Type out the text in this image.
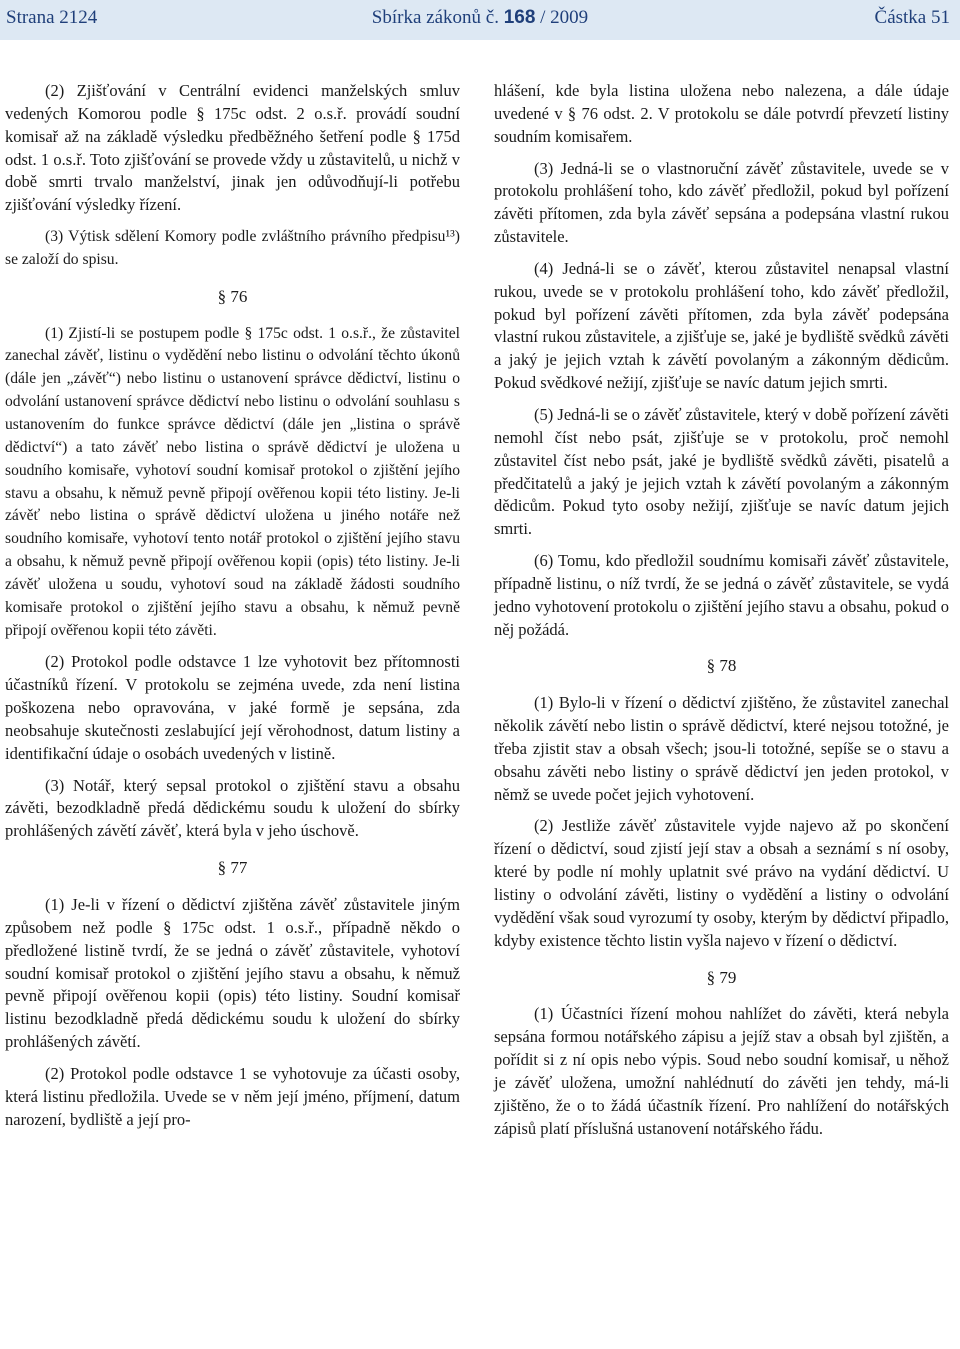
Strana 2124	Sbírka zákonů č. 168 / 2009	Částka 51

(2) Zjišťování v Centrální evidenci manželských smluv vedených Komorou podle § 175c odst. 2 o.s.ř. provádí soudní komisař až na základě výsledku předběžného šetření podle § 175d odst. 1 o.s.ř. Toto zjišťování se provede vždy u zůstavitelů, u nichž v době smrti trvalo manželství, jinak jen odůvodňují-li potřebu zjišťování výsledky řízení.

(3) Výtisk sdělení Komory podle zvláštního právního předpisu¹³) se založí do spisu.

§ 76

(1) Zjistí-li se postupem podle § 175c odst. 1 o.s.ř., že zůstavitel zanechal závěť, listinu o vydědění nebo listinu o odvolání těchto úkonů (dále jen „závěť“) nebo listinu o ustanovení správce dědictví, listinu o odvolání ustanovení správce dědictví nebo listinu o odvolání souhlasu s ustanovením do funkce správce dědictví (dále jen „listina o správě dědictví“) a tato závěť nebo listina o správě dědictví je uložena u soudního komisaře, vyhotoví soudní komisař protokol o zjištění jejího stavu a obsahu, k němuž pevně připojí ověřenou kopii této listiny. Je-li závěť nebo listina o správě dědictví uložena u jiného notáře než soudního komisaře, vyhotoví tento notář protokol o zjištění jejího stavu a obsahu, k němuž pevně připojí ověřenou kopii (opis) této listiny. Je-li závěť uložena u soudu, vyhotoví soud na základě žádosti soudního komisaře protokol o zjištění jejího stavu a obsahu, k němuž pevně připojí ověřenou kopii této závěti.

(2) Protokol podle odstavce 1 lze vyhotovit bez přítomnosti účastníků řízení. V protokolu se zejména uvede, zda není listina poškozena nebo opravována, v jaké formě je sepsána, zda neobsahuje skutečnosti zeslabující její věrohodnost, datum listiny a identifikační údaje o osobách uvedených v listině.

(3) Notář, který sepsal protokol o zjištění stavu a obsahu závěti, bezodkladně předá dědickému soudu k uložení do sbírky prohlášených závětí závěť, která byla v jeho úschově.

§ 77

(1) Je-li v řízení o dědictví zjištěna závěť zůstavitele jiným způsobem než podle § 175c odst. 1 o.s.ř., případně někdo o předložené listině tvrdí, že se jedná o závěť zůstavitele, vyhotoví soudní komisař protokol o zjištění jejího stavu a obsahu, k němuž pevně připojí ověřenou kopii (opis) této listiny. Soudní komisař listinu bezodkladně předá dědickému soudu k uložení do sbírky prohlášených závětí.

(2) Protokol podle odstavce 1 se vyhotovuje za účasti osoby, která listinu předložila. Uvede se v něm její jméno, příjmení, datum narození, bydliště a její pro-

hlášení, kde byla listina uložena nebo nalezena, a dále údaje uvedené v § 76 odst. 2. V protokolu se dále potvrdí převzetí listiny soudním komisařem.

(3) Jedná-li se o vlastnoruční závěť zůstavitele, uvede se v protokolu prohlášení toho, kdo závěť předložil, pokud byl pořízení závěti přítomen, zda byla závěť sepsána a podepsána vlastní rukou zůstavitele.

(4) Jedná-li se o závěť, kterou zůstavitel nenapsal vlastní rukou, uvede se v protokolu prohlášení toho, kdo závěť předložil, pokud byl pořízení závěti přítomen, zda byla závěť podepsána vlastní rukou zůstavitele, a zjišťuje se, jaké je bydliště svědků závěti a jaký je jejich vztah k závětí povolaným a zákonným dědicům. Pokud svědkové nežijí, zjišťuje se navíc datum jejich smrti.

(5) Jedná-li se o závěť zůstavitele, který v době pořízení závěti nemohl číst nebo psát, zjišťuje se v protokolu, proč nemohl zůstavitel číst nebo psát, jaké je bydliště svědků závěti, pisatelů a předčitatelů a jaký je jejich vztah k závětí povolaným a zákonným dědicům. Pokud tyto osoby nežijí, zjišťuje se navíc datum jejich smrti.

(6) Tomu, kdo předložil soudnímu komisaři závěť zůstavitele, případně listinu, o níž tvrdí, že se jedná o závěť zůstavitele, se vydá jedno vyhotovení protokolu o zjištění jejího stavu a obsahu, pokud o něj požádá.

§ 78

(1) Bylo-li v řízení o dědictví zjištěno, že zůstavitel zanechal několik závětí nebo listin o správě dědictví, které nejsou totožné, je třeba zjistit stav a obsah všech; jsou-li totožné, sepíše se o stavu a obsahu závěti nebo listiny o správě dědictví jen jeden protokol, v němž se uvede počet jejich vyhotovení.

(2) Jestliže závěť zůstavitele vyjde najevo až po skončení řízení o dědictví, soud zjistí její stav a obsah a seznámí s ní osoby, které by podle ní mohly uplatnit své právo na vydání dědictví. U listiny o odvolání závěti, listiny o vydědění a listiny o odvolání vydědění však soud vyrozumí ty osoby, kterým by dědictví připadlo, kdyby existence těchto listin vyšla najevo v řízení o dědictví.

§ 79

(1) Účastníci řízení mohou nahlížet do závěti, která nebyla sepsána formou notářského zápisu a jejíž stav a obsah byl zjištěn, a pořídit si z ní opis nebo výpis. Soud nebo soudní komisař, u něhož je závěť uložena, umožní nahlédnutí do závěti jen tehdy, má-li zjištěno, že o to žádá účastník řízení. Pro nahlížení do notářských zápisů platí příslušná ustanovení notářského řádu.
